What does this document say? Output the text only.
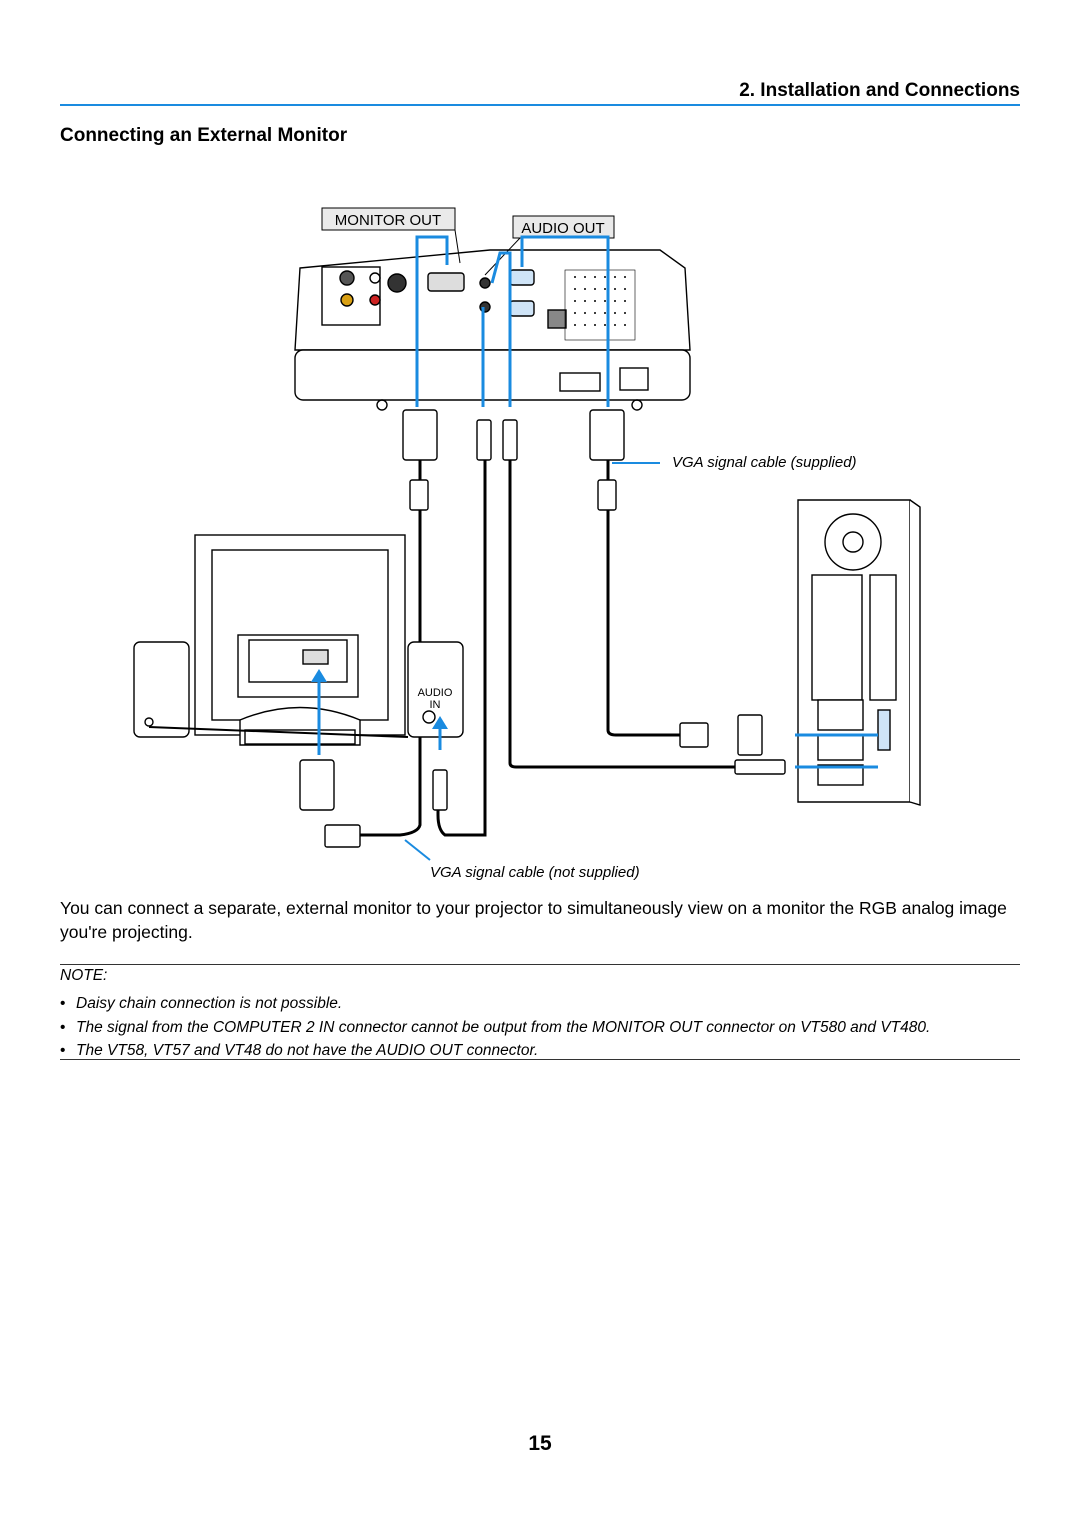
2. Installation and Connections
Connecting an External Monitor
MONITOR OUT	AUDIO OUT
AUDIO
IN
VGA signal cable (supplied)
VGA signal cable (not supplied)
You can connect a separate, external monitor to your projector to simultaneously view on a monitor the RGB analog image you're projecting.
NOTE:
• Daisy chain connection is not possible.
• The signal from the COMPUTER 2 IN connector cannot be output from the MONITOR OUT connector on VT580 and VT480.
• The VT58, VT57 and VT48 do not have the AUDIO OUT connector.
15
